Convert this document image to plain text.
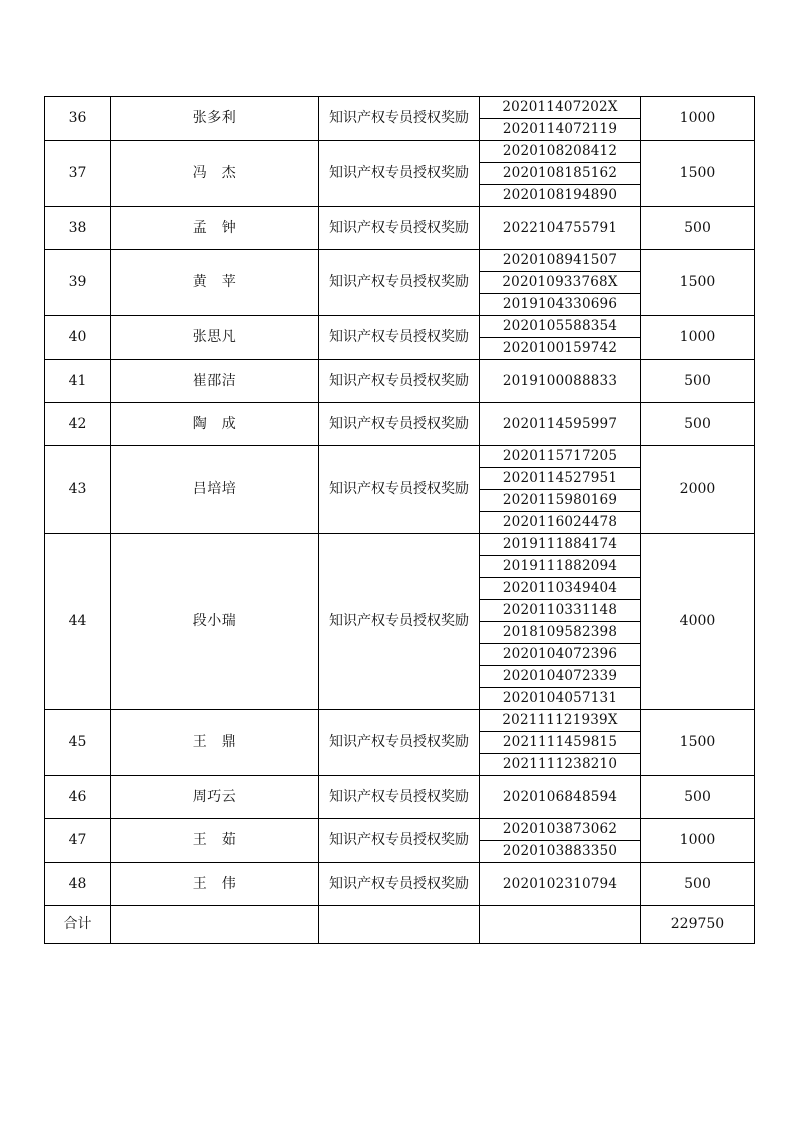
36	张多利	知识产权专员授权奖励	202011407202X	1000
			2020114072119	
37	冯　杰	知识产权专员授权奖励	2020108208412	1500
			2020108185162	
			2020108194890	
38	孟　钟	知识产权专员授权奖励	2022104755791	500
39	黄　苹	知识产权专员授权奖励	2020108941507	1500
			202010933768X	
			2019104330696	
40	张思凡	知识产权专员授权奖励	2020105588354	1000
			2020100159742	
41	崔邵洁	知识产权专员授权奖励	2019100088833	500
42	陶　成	知识产权专员授权奖励	2020114595997	500
43	吕培培	知识产权专员授权奖励	2020115717205	2000
			2020114527951	
			2020115980169	
			2020116024478	
44	段小瑞	知识产权专员授权奖励	2019111884174	4000
			2019111882094	
			2020110349404	
			2020110331148	
			2018109582398	
			2020104072396	
			2020104072339	
			2020104057131	
45	王　鼎	知识产权专员授权奖励	202111121939X	1500
			2021111459815	
			2021111238210	
46	周巧云	知识产权专员授权奖励	2020106848594	500
47	王　茹	知识产权专员授权奖励	2020103873062	1000
			2020103883350	
48	王　伟	知识产权专员授权奖励	2020102310794	500
合计				229750
